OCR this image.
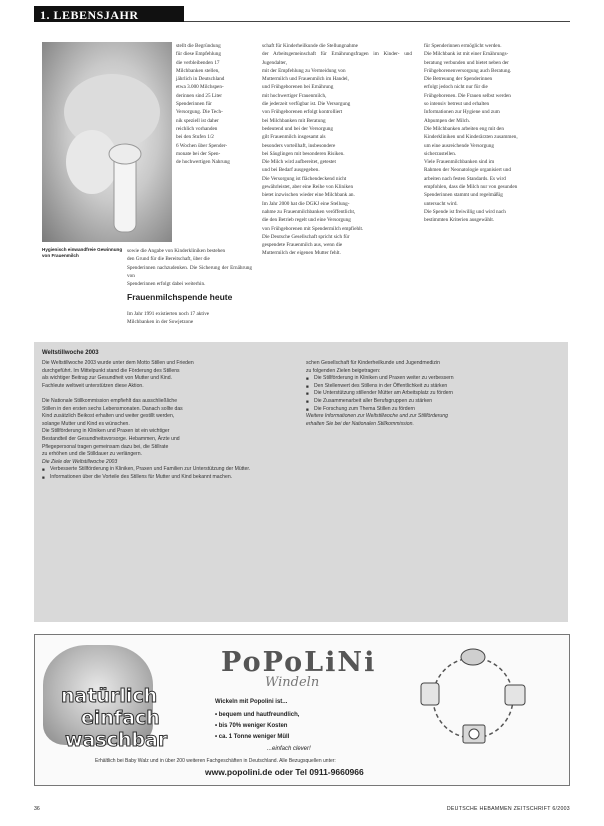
1. LEBENSJAHR
Hygienisch einwandfreie Gewinnung von Frauenmilch
stellt die Begründung
für diese Empfehlung
die verbleibenden 17
Milchbanken stellen,
jährlich in Deutschland
etwa 3.000 Milchspen-
derinnen sind 25 Liter
Spenderinnen für
Versorgung. Die Tech-
nik speziell ist daher
reichlich vorhanden
bei den Stufen 1/2
6 Wochen über Spender-
monate bei der Spen-
de hochwertigen Nahrung
sowie die Angabe von Kinderkliniken bestehen
den Grund für die Bereitschaft, über die
Spenderinnen nachzudenken. Die Sicherung der Ernährung von
Spenderinnen erfolgt dabei weiterhin.
Frauenmilchspende heute
Im Jahr 1991 existierten noch 17 aktive
Milchbanken in der Sowjetzone
schaft für Kinderheilkunde die Stellungnahme
der Arbeitsgemeinschaft für Ernährungsfragen im Kinder- und Jugendalter,
mit der Empfehlung zu Vermeidung von
Muttermilch und Frauenmilch im Handel,
und Frühgeborenen bei Ernährung
mit hochwertiger Frauenmilch,
die jederzeit verfügbar ist. Die Versorgung
von Frühgeborenen erfolgt kontrolliert
bei Milchbanken mit Beratung
bedeutend und bei der Versorgung
gilt Frauenmilch insgesamt als
besonders vorteilhaft, insbesondere
bei Säuglingen mit besonderen Risiken.
Die Milch wird aufbereitet, getestet
und bei Bedarf ausgegeben.
Die Versorgung ist flächendeckend nicht
gewährleistet, aber eine Reihe von Kliniken
bietet inzwischen wieder eine Milchbank an.
Im Jahr 2000 hat die DGKJ eine Stellung-
nahme zu Frauenmilchbanken veröffentlicht,
die den Betrieb regelt und eine Versorgung
von Frühgeborenen mit Spendermilch empfiehlt.
Die Deutsche Gesellschaft spricht sich für
gespendete Frauenmilch aus, wenn die
Muttermilch der eigenen Mutter fehlt.
für Spenderinnen ermöglicht werden.
Die Milchbank ist mit einer Ernährungs-
beratung verbunden und bietet neben der
Frühgeborenenversorgung auch Beratung.
Die Betreuung der Spenderinnen
erfolgt jedoch nicht nur für die
Frühgeborenen. Die Frauen selbst werden
so intensiv betreut und erhalten
Informationen zur Hygiene und zum
Abpumpen der Milch.
Die Milchbanken arbeiten eng mit den
Kinderkliniken und Kinderärzten zusammen,
um eine ausreichende Versorgung
sicherzustellen.
Viele Frauenmilchbanken sind im
Rahmen der Neonatologie organisiert und
arbeiten nach festen Standards. Es wird
empfohlen, dass die Milch nur von gesunden
Spenderinnen stammt und regelmäßig
untersucht wird.
Die Spende ist freiwillig und wird nach
bestimmten Kriterien ausgewählt.
Weltstillwoche 2003
Die Weltstillwoche 2003 wurde unter dem Motto Stillen und Frieden
durchgeführt. Im Mittelpunkt stand die Förderung des Stillens
als wichtiger Beitrag zur Gesundheit von Mutter und Kind.
Fachleute weltweit unterstützen diese Aktion.
Die Nationale Stillkommission empfiehlt das ausschließliche
Stillen in den ersten sechs Lebensmonaten. Danach sollte das
Kind zusätzlich Beikost erhalten und weiter gestillt werden,
solange Mutter und Kind es wünschen.
Die Stillförderung in Kliniken und Praxen ist ein wichtiger
Bestandteil der Gesundheitsvorsorge. Hebammen, Ärzte und
Pflegepersonal tragen gemeinsam dazu bei, die Stillrate
zu erhöhen und die Stilldauer zu verlängern.
Die Ziele der Weltstillwoche 2003
■ Verbesserte Stillförderung in Kliniken, Praxen und Familien zur Unterstützung der Mütter.
■ Informationen über die Vorteile des Stillens für Mutter und Kind bekannt machen.
schen Gesellschaft für Kinderheilkunde und Jugendmedizin
zu folgenden Zielen beigetragen:
■ Die Stillförderung in Kliniken und Praxen weiter zu verbessern
■ Den Stellenwert des Stillens in der Öffentlichkeit zu stärken
■ Die Unterstützung stillender Mütter am Arbeitsplatz zu fördern
■ Die Zusammenarbeit aller Berufsgruppen zu stärken
■ Die Forschung zum Thema Stillen zu fördern
Weitere Informationen zur Weltstillwoche und zur Stillförderung
erhalten Sie bei der Nationalen Stillkommission.
natürlich
einfach
waschbar
PoPoLiNi
Windeln
Wickeln mit Popolini ist...
• bequem und hautfreundlich,
• bis 70% weniger Kosten
• ca. 1 Tonne weniger Müll
...einfach clever!
Erhältlich bei Baby Walz und in über 200 weiteren Fachgeschäften in Deutschland. Alle Bezugsquellen unter:
www.popolini.de oder Tel 0911-9660966
36	DEUTSCHE HEBAMMEN ZEITSCHRIFT 6/2003
